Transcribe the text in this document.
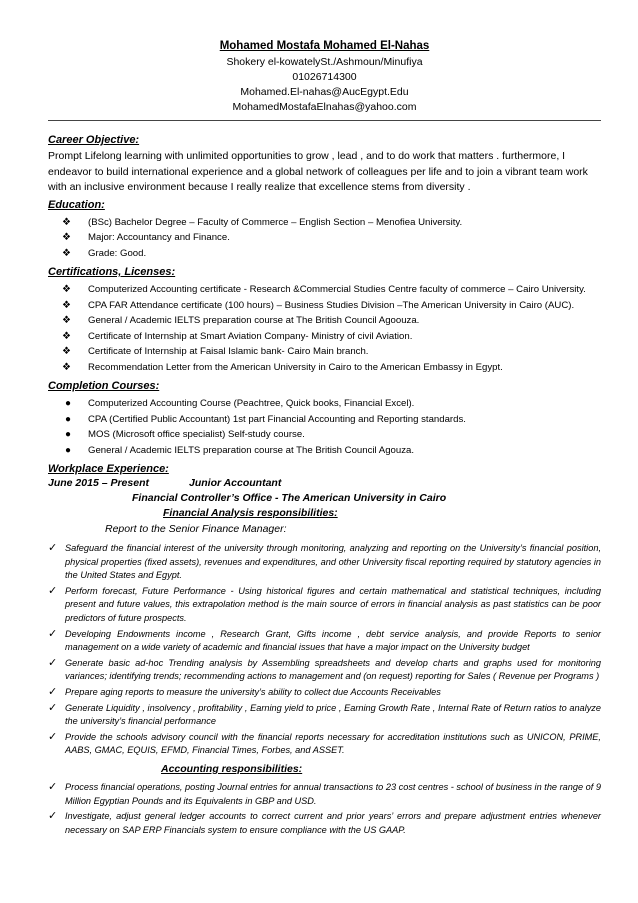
Mohamed Mostafa Mohamed El-Nahas
Shokery el-kowatelySt./Ashmoun/Minufiya
01026714300
Mohamed.El-nahas@AucEgypt.Edu
MohamedMostafaElnahas@yahoo.com
Career Objective:
Prompt Lifelong learning with unlimited opportunities to grow , lead , and to do work that matters . furthermore, I endeavor to build international experience and a global network of colleagues per life and to join a vibrant team work with an inclusive environment because I really realize that excellence stems from diversity .
Education:
❖ (BSc) Bachelor Degree – Faculty of Commerce – English Section – Menofiea University.
❖ Major: Accountancy and Finance.
❖ Grade: Good.
Certifications, Licenses:
❖ Computerized Accounting certificate - Research &Commercial Studies Centre faculty of commerce – Cairo University.
❖ CPA FAR Attendance certificate (100 hours) – Business Studies Division –The American University in Cairo (AUC).
❖ General / Academic IELTS preparation course at The British Council Agoouza.
❖ Certificate of Internship at Smart Aviation Company- Ministry of civil Aviation.
❖ Certificate of Internship at Faisal Islamic bank- Cairo Main branch.
❖ Recommendation Letter from the American University in Cairo to the American Embassy in Egypt.
Completion Courses:
● Computerized Accounting Course (Peachtree, Quick books, Financial Excel).
● CPA (Certified Public Accountant) 1st part Financial Accounting and Reporting standards.
● MOS (Microsoft office specialist) Self-study course.
● General / Academic IELTS preparation course at The British Council Agouza.
Workplace Experience:
June 2015 – Present	Junior Accountant
Financial Controller’s Office - The American University in Cairo
Financial Analysis responsibilities:
Report to the Senior Finance Manager:
✓ Safeguard the financial interest of the university through monitoring, analyzing and reporting on the University’s financial position, physical properties (fixed assets), revenues and expenditures, and other University fiscal reporting required by statutory agencies in the United States and Egypt.
✓ Perform forecast, Future Performance - Using historical figures and certain mathematical and statistical techniques, including present and future values, this extrapolation method is the main source of errors in financial analysis as past statistics can be poor predictors of future prospects.
✓ Developing Endowments income , Research Grant, Gifts income , debt service analysis, and provide Reports to senior management on a wide variety of academic and financial issues that have a major impact on the University budget
✓ Generate basic ad-hoc Trending analysis by Assembling spreadsheets and develop charts and graphs used for monitoring variances; identifying trends; recommending actions to management and (on request) reporting for Sales ( Revenue per Programs )
✓ Prepare aging reports to measure the university’s ability to collect due Accounts Receivables
✓ Generate Liquidity , insolvency , profitability , Earning yield to price , Earning Growth Rate , Internal Rate of Return ratios to analyze the university’s financial performance
✓ Provide the schools advisory council with the financial reports necessary for accreditation institutions such as UNICON, PRIME, AABS, GMAC, EQUIS, EFMD, Financial Times, Forbes, and ASSET.
Accounting responsibilities:
✓ Process financial operations, posting Journal entries for annual transactions to 23 cost centres - school of business in the range of 9 Million Egyptian Pounds and its Equivalents in GBP and USD.
✓ Investigate, adjust general ledger accounts to correct current and prior years’ errors and prepare adjustment entries whenever necessary on SAP ERP Financials system to ensure compliance with the US GAAP.
